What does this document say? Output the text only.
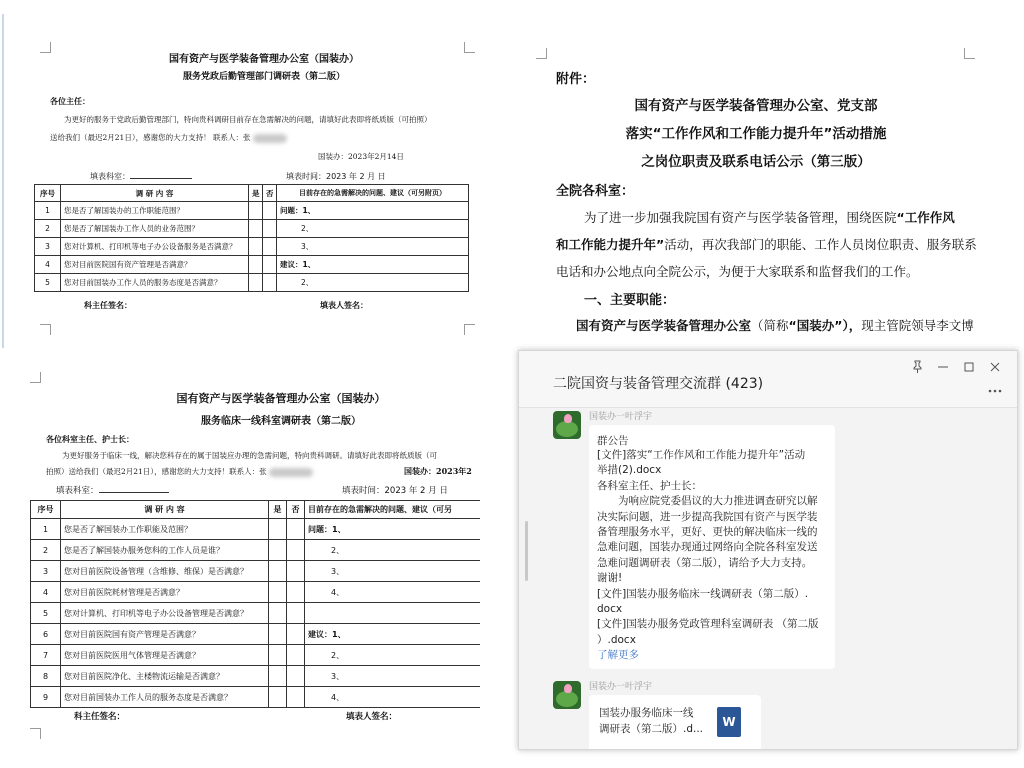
国有资产与医学装备管理办公室（国装办）
服务党政后勤管理部门调研表（第二版）
各位主任：
为更好的服务于党政后勤管理部门，特向贵科调研目前存在急需解决的问题，请填好此表即将纸质版（可拍照）
送给我们（最迟2月21日），感谢您的大力支持！ 联系人：张
国装办：2023年2月14日
填表科室：	填表时间：2023 年 2 月 日
序号	调 研 内 容	是	否	目前存在的急需解决的问题、建议（可另附页）
1	您是否了解国装办的工作职能范围？			问题：1、
2	您是否了解国装办工作人员的业务范围？			2、
3	您对计算机、打印机等电子办公设备服务是否满意？			3、
4	您对目前医院国有资产管理是否满意？			建议：1、
5	您对目前国装办工作人员的服务态度是否满意？			2、
科主任签名：	填表人签名：
国有资产与医学装备管理办公室（国装办）
服务临床一线科室调研表（第二版）
各位科室主任、护士长：
为更好服务于临床一线，解决您科存在的属于国装应办理的急需问题，特向贵科调研。请填好此表即将纸质版（可
拍照）送给我们（最迟2月21日），感谢您的大力支持！联系人：张	国装办：2023年2
填表科室：	填表时间：2023 年 2 月 日
序号	调 研 内 容	是	否	目前存在的急需解决的问题、建议（可另
1	您是否了解国装办工作职能及范围？			问题：1、
2	您是否了解国装办服务您科的工作人员是谁？			2、
3	您对目前医院设备管理（含维修、维保）是否满意？			3、
4	您对目前医院耗材管理是否满意？			4、
5	您对计算机、打印机等电子办公设备管理是否满意？			
6	您对目前医院国有资产管理是否满意？			建议：1、
7	您对目前医院医用气体管理是否满意？			2、
8	您对目前医院净化、主楼物流运输是否满意？			3、
9	您对目前国装办工作人员的服务态度是否满意？			4、
科主任签名：	填表人签名：
附件：
国有资产与医学装备管理办公室、党支部
落实“工作作风和工作能力提升年”活动措施
之岗位职责及联系电话公示（第三版）
全院各科室：
为了进一步加强我院国有资产与医学装备管理，围绕医院“工作作风
和工作能力提升年”活动，再次我部门的职能、工作人员岗位职责、服务联系
电话和办公地点向全院公示，为便于大家联系和监督我们的工作。
一、主要职能：
国有资产与医学装备管理办公室（简称“国装办”），现主管院领导李文博
二院国资与装备管理交流群 (423)
国装办一叶浮宇
群公告
[文件]落实“工作作风和工作能力提升年”活动
举措(2).docx
各科室主任、护士长：
　　为响应院党委倡议的大力推进调查研究以解
决实际问题，进一步提高我院国有资产与医学装
备管理服务水平，更好、更快的解决临床一线的
急难问题，国装办现通过网络向全院各科室发送
急难问题调研表（第二版），请给予大力支持。
谢谢!
[文件]国装办服务临床一线调研表（第二版）.
docx
[文件]国装办服务党政管理科室调研表 （第二版
）.docx
了解更多
国装办一叶浮宇
国装办服务临床一线
调研表（第二版）.d...	W
